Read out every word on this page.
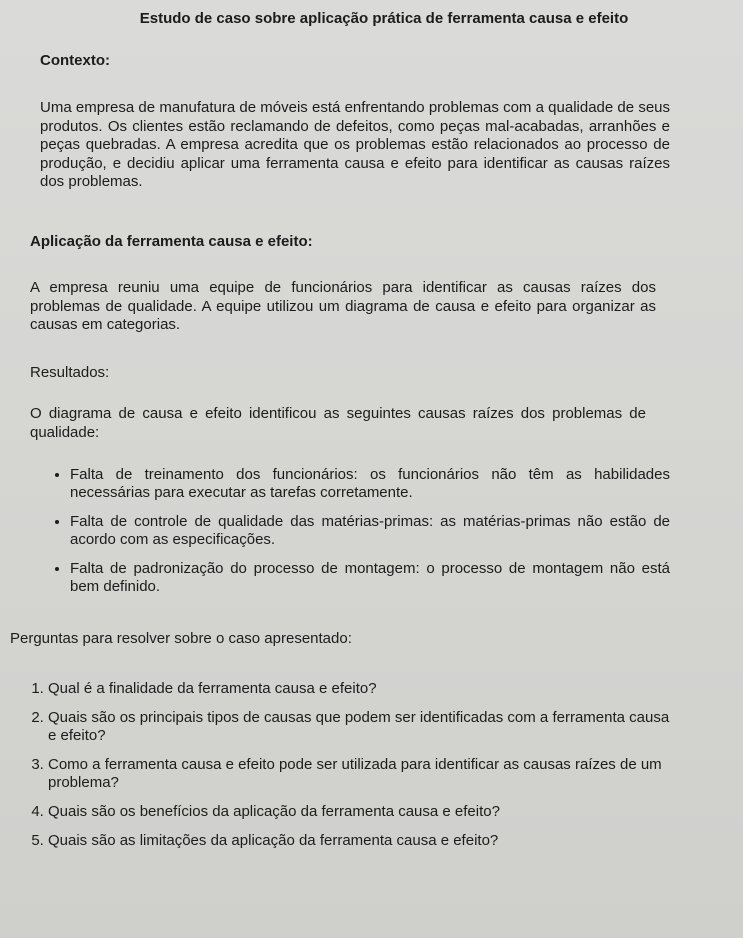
Estudo de caso sobre aplicação prática de ferramenta causa e efeito
Contexto:
Uma empresa de manufatura de móveis está enfrentando problemas com a qualidade de seus produtos. Os clientes estão reclamando de defeitos, como peças mal-acabadas, arranhões e peças quebradas. A empresa acredita que os problemas estão relacionados ao processo de produção, e decidiu aplicar uma ferramenta causa e efeito para identificar as causas raízes dos problemas.
Aplicação da ferramenta causa e efeito:
A empresa reuniu uma equipe de funcionários para identificar as causas raízes dos problemas de qualidade. A equipe utilizou um diagrama de causa e efeito para organizar as causas em categorias.
Resultados:
O diagrama de causa e efeito identificou as seguintes causas raízes dos problemas de qualidade:
• Falta de treinamento dos funcionários: os funcionários não têm as habilidades necessárias para executar as tarefas corretamente.
• Falta de controle de qualidade das matérias-primas: as matérias-primas não estão de acordo com as especificações.
• Falta de padronização do processo de montagem: o processo de montagem não está bem definido.
Perguntas para resolver sobre o caso apresentado:
1. Qual é a finalidade da ferramenta causa e efeito?
2. Quais são os principais tipos de causas que podem ser identificadas com a ferramenta causa e efeito?
3. Como a ferramenta causa e efeito pode ser utilizada para identificar as causas raízes de um problema?
4. Quais são os benefícios da aplicação da ferramenta causa e efeito?
5. Quais são as limitações da aplicação da ferramenta causa e efeito?
